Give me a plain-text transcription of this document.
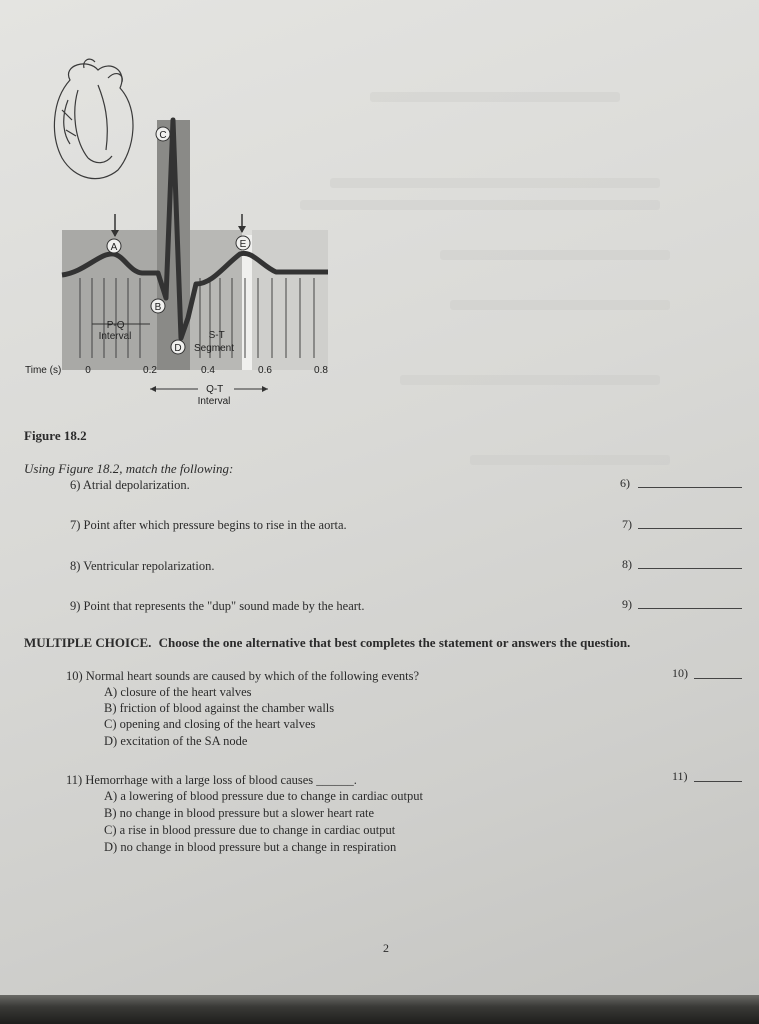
A
B
C
D
E
P-Q Interval	S-T Segment
Time (s) 0	0.2	0.4	0.6	0.8
Q-T Interval
Figure 18.2
Using Figure 18.2, match the following:
6) Atrial depolarization.	6)
7) Point after which pressure begins to rise in the aorta.	7)
8) Ventricular repolarization.	8)
9) Point that represents the "dup" sound made by the heart.	9)
MULTIPLE CHOICE. Choose the one alternative that best completes the statement or answers the question.
10) Normal heart sounds are caused by which of the following events?	10)
A) closure of the heart valves
B) friction of blood against the chamber walls
C) opening and closing of the heart valves
D) excitation of the SA node
11) Hemorrhage with a large loss of blood causes ______.	11)
A) a lowering of blood pressure due to change in cardiac output
B) no change in blood pressure but a slower heart rate
C) a rise in blood pressure due to change in cardiac output
D) no change in blood pressure but a change in respiration
2
